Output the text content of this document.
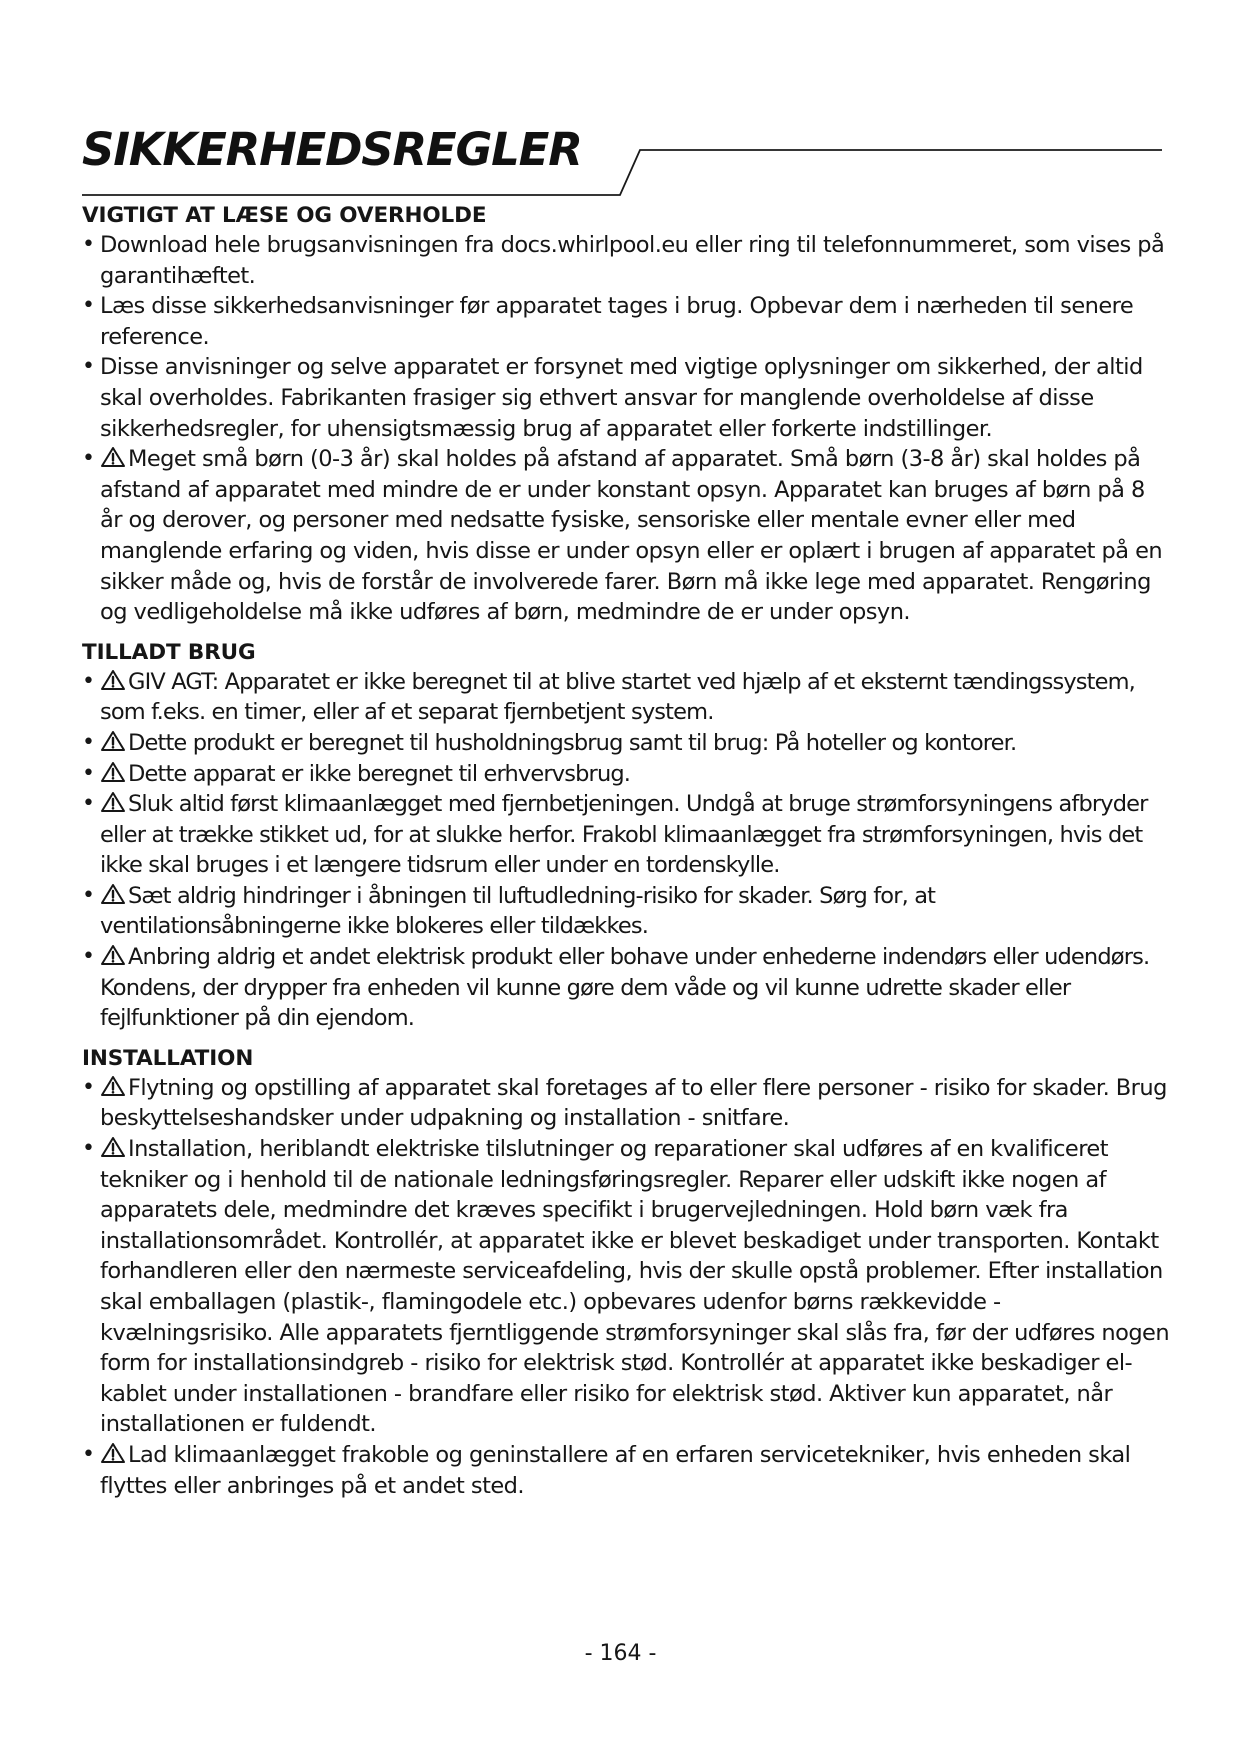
SIKKERHEDSREGLER
VIGTIGT AT LÆSE OG OVERHOLDE
• Download hele brugsanvisningen fra docs.whirlpool.eu eller ring til telefonnummeret, som vises på garantihæftet.
• Læs disse sikkerhedsanvisninger før apparatet tages i brug. Opbevar dem i nærheden til senere reference.
• Disse anvisninger og selve apparatet er forsynet med vigtige oplysninger om sikkerhed, der altid skal overholdes. Fabrikanten frasiger sig ethvert ansvar for manglende overholdelse af disse sikkerhedsregler, for uhensigtsmæssig brug af apparatet eller forkerte indstillinger.
• Meget små børn (0-3 år) skal holdes på afstand af apparatet. Små børn (3-8 år) skal holdes på afstand af apparatet med mindre de er under konstant opsyn. Apparatet kan bruges af børn på 8 år og derover, og personer med nedsatte fysiske, sensoriske eller mentale evner eller med manglende erfaring og viden, hvis disse er under opsyn eller er oplært i brugen af apparatet på en sikker måde og, hvis de forstår de involverede farer. Børn må ikke lege med apparatet. Rengøring og vedligeholdelse må ikke udføres af børn, medmindre de er under opsyn.
TILLADT BRUG
• GIV AGT: Apparatet er ikke beregnet til at blive startet ved hjælp af et eksternt tændingssystem, som f.eks. en timer, eller af et separat fjernbetjent system.
• Dette produkt er beregnet til husholdningsbrug samt til brug: På hoteller og kontorer.
• Dette apparat er ikke beregnet til erhvervsbrug.
• Sluk altid først klimaanlægget med fjernbetjeningen. Undgå at bruge strømforsyningens afbryder eller at trække stikket ud, for at slukke herfor. Frakobl klimaanlægget fra strømforsyningen, hvis det ikke skal bruges i et længere tidsrum eller under en tordenskylle.
• Sæt aldrig hindringer i åbningen til luftudledning-risiko for skader. Sørg for, at ventilationsåbningerne ikke blokeres eller tildækkes.
• Anbring aldrig et andet elektrisk produkt eller bohave under enhederne indendørs eller udendørs. Kondens, der drypper fra enheden vil kunne gøre dem våde og vil kunne udrette skader eller fejlfunktioner på din ejendom.
INSTALLATION
• Flytning og opstilling af apparatet skal foretages af to eller flere personer - risiko for skader. Brug beskyttelseshandsker under udpakning og installation - snitfare.
• Installation, heriblandt elektriske tilslutninger og reparationer skal udføres af en kvalificeret tekniker og i henhold til de nationale ledningsføringsregler. Reparer eller udskift ikke nogen af apparatets dele, medmindre det kræves specifikt i brugervejledningen. Hold børn væk fra installationsområdet. Kontrollér, at apparatet ikke er blevet beskadiget under transporten. Kontakt forhandleren eller den nærmeste serviceafdeling, hvis der skulle opstå problemer. Efter installation skal emballagen (plastik-, flamingodele etc.) opbevares udenfor børns rækkevidde - kvælningsrisiko. Alle apparatets fjerntliggende strømforsyninger skal slås fra, før der udføres nogen form for installationsindgreb - risiko for elektrisk stød. Kontrollér at apparatet ikke beskadiger el-kablet under installationen - brandfare eller risiko for elektrisk stød. Aktiver kun apparatet, når installationen er fuldendt.
• Lad klimaanlægget frakoble og geninstallere af en erfaren servicetekniker, hvis enheden skal flyttes eller anbringes på et andet sted.
- 164 -
